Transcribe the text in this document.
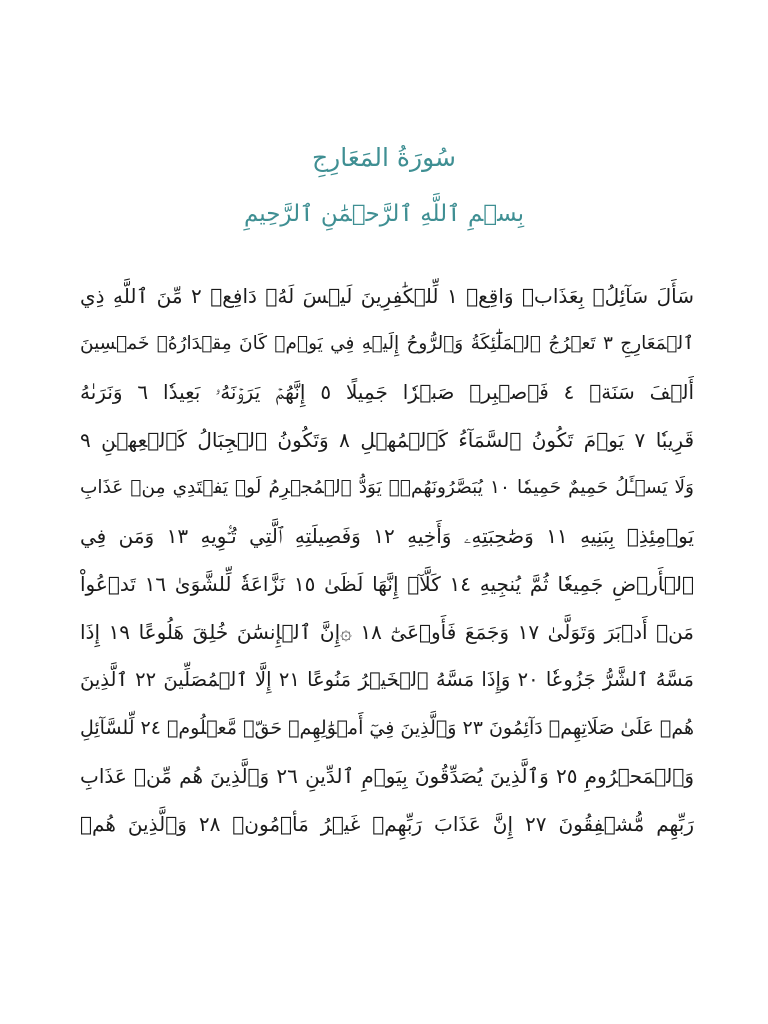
سُورَةُ المَعَارِجِ
بِسۡمِ ٱللَّهِ ٱلرَّحۡمَٰنِ ٱلرَّحِيمِ
سَأَلَ سَآئِلُۢ بِعَذَابٖ وَاقِعٖ ١ لِّلۡكَٰفِرِينَ لَيۡسَ لَهُۥ دَافِعٞ ٢ مِّنَ ٱللَّهِ ذِي
ٱلۡمَعَارِجِ ٣ تَعۡرُجُ ٱلۡمَلَٰٓئِكَةُ وَٱلرُّوحُ إِلَيۡهِ فِي يَوۡمٖ كَانَ مِقۡدَارُهُۥ خَمۡسِينَ
أَلۡفَ سَنَةٖ ٤ فَٱصۡبِرۡ صَبۡرٗا جَمِيلًا ٥ إِنَّهُمۡ يَرَوۡنَهُۥ بَعِيدٗا ٦ وَنَرَىٰهُ
قَرِيبٗا ٧ يَوۡمَ تَكُونُ ٱلسَّمَآءُ كَٱلۡمُهۡلِ ٨ وَتَكُونُ ٱلۡجِبَالُ كَٱلۡعِهۡنِ ٩
وَلَا يَسۡـَٔلُ حَمِيمٌ حَمِيمٗا ١٠ يُبَصَّرُونَهُمۡۚ يَوَدُّ ٱلۡمُجۡرِمُ لَوۡ يَفۡتَدِي مِنۡ عَذَابِ
يَوۡمِئِذِۭ بِبَنِيهِ ١١ وَصَٰحِبَتِهِۦ وَأَخِيهِ ١٢ وَفَصِيلَتِهِ ٱلَّتِي تُـٔۡوِيهِ ١٣ وَمَن فِي
ٱلۡأَرۡضِ جَمِيعٗا ثُمَّ يُنجِيهِ ١٤ كَلَّآۖ إِنَّهَا لَظَىٰ ١٥ نَزَّاعَةٗ لِّلشَّوَىٰ ١٦ تَدۡعُواْ
مَنۡ أَدۡبَرَ وَتَوَلَّىٰ ١٧ وَجَمَعَ فَأَوۡعَىٰٓ ١٨ ۞إِنَّ ٱلۡإِنسَٰنَ خُلِقَ هَلُوعًا ١٩ إِذَا
مَسَّهُ ٱلشَّرُّ جَزُوعٗا ٢٠ وَإِذَا مَسَّهُ ٱلۡخَيۡرُ مَنُوعًا ٢١ إِلَّا ٱلۡمُصَلِّينَ ٢٢ ٱلَّذِينَ
هُمۡ عَلَىٰ صَلَاتِهِمۡ دَآئِمُونَ ٢٣ وَٱلَّذِينَ فِيٓ أَمۡوَٰلِهِمۡ حَقّٞ مَّعۡلُومٞ ٢٤ لِّلسَّآئِلِ
وَٱلۡمَحۡرُومِ ٢٥ وَٱلَّذِينَ يُصَدِّقُونَ بِيَوۡمِ ٱلدِّينِ ٢٦ وَٱلَّذِينَ هُم مِّنۡ عَذَابِ
رَبِّهِم مُّشۡفِقُونَ ٢٧ إِنَّ عَذَابَ رَبِّهِمۡ غَيۡرُ مَأۡمُونٖ ٢٨ وَٱلَّذِينَ هُمۡ
